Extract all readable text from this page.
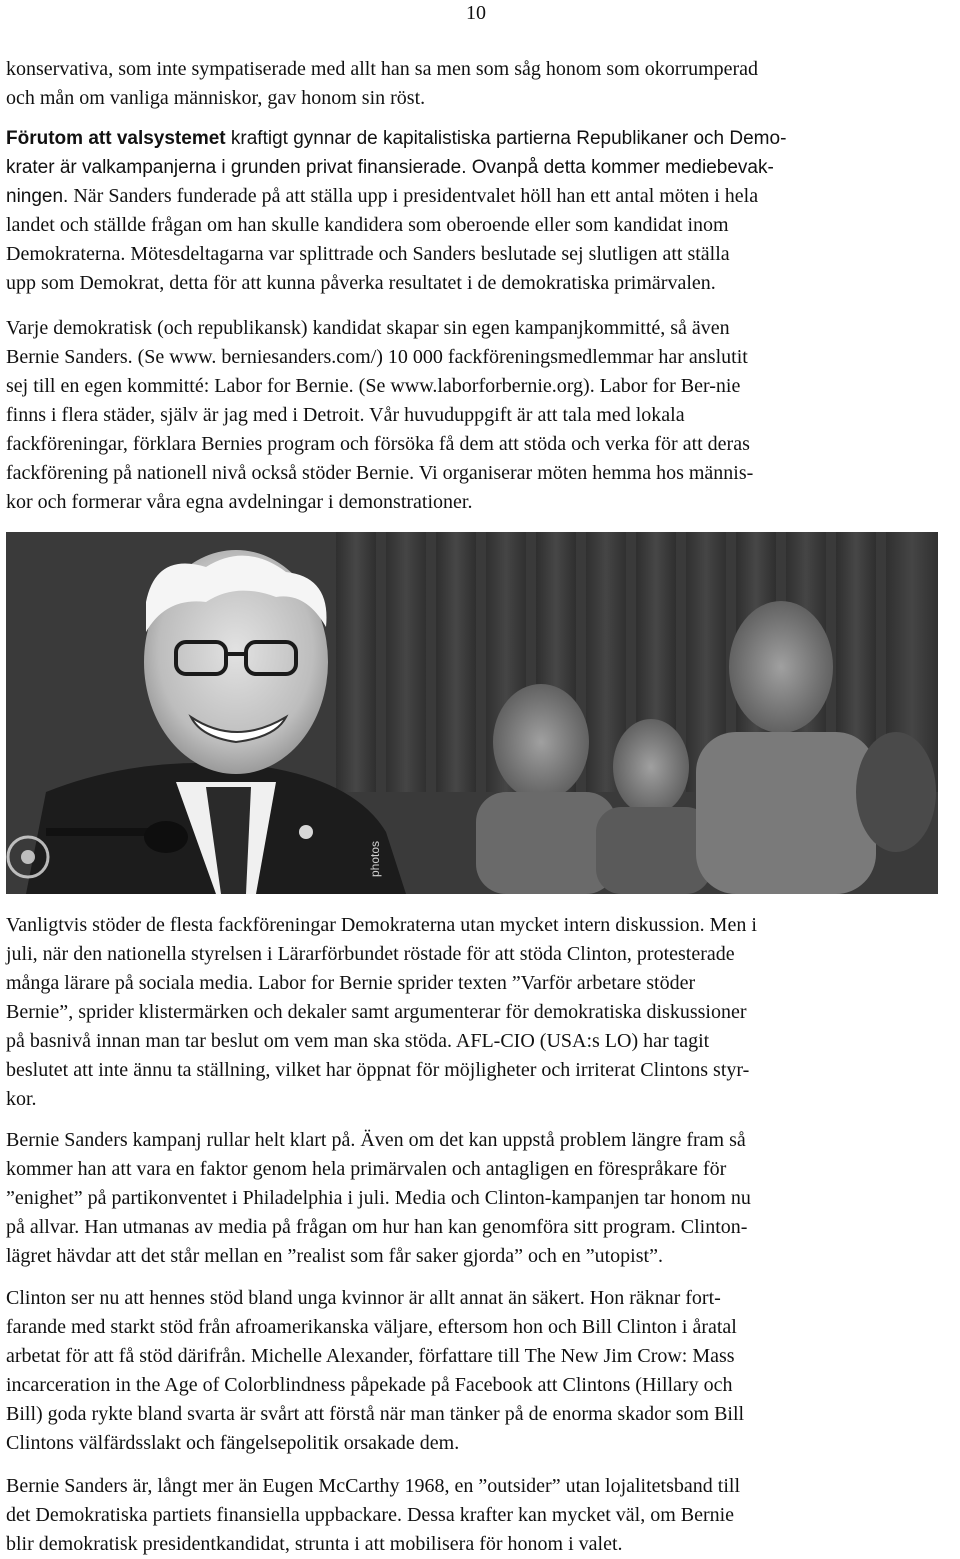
10
konservativa, som inte sympatiserade med allt han sa men som såg honom som okorrumperad
och mån om vanliga människor, gav honom sin röst.
Förutom att valsystemet kraftigt gynnar de kapitalistiska partierna Republikaner och Demo-
krater är valkampanjerna i grunden privat finansierade. Ovanpå detta kommer mediebevak-
ningen. När Sanders funderade på att ställa upp i presidentvalet höll han ett antal möten i hela
landet och ställde frågan om han skulle kandidera som oberoende eller som kandidat inom
Demokraterna. Mötesdeltagarna var splittrade och Sanders beslutade sej slutligen att ställa
upp som Demokrat, detta för att kunna påverka resultatet i de demokratiska primärvalen.
Varje demokratisk (och republikansk) kandidat skapar sin egen kampanjkommitté, så även
Bernie Sanders. (Se www. berniesanders.com/) 10 000 fackföreningsmedlemmar har anslutit
sej till en egen kommitté: Labor for Bernie. (Se www.laborforbernie.org). Labor for Ber-nie
finns i flera städer, själv är jag med i Detroit. Vår huvuduppgift är att tala med lokala
fackföreningar, förklara Bernies program och försöka få dem att stöda och verka för att deras
fackförening på nationell nivå också stöder Bernie. Vi organiserar möten hemma hos männis-
kor och formerar våra egna avdelningar i demonstrationer.
photos
Vanligtvis stöder de flesta fackföreningar Demokraterna utan mycket intern diskussion. Men i
juli, när den nationella styrelsen i Lärarförbundet röstade för att stöda Clinton, protesterade
många lärare på sociala media. Labor for Bernie sprider texten ”Varför arbetare stöder
Bernie”, sprider klistermärken och dekaler samt argumenterar för demokratiska diskussioner
på basnivå innan man tar beslut om vem man ska stöda. AFL-CIO (USA:s LO) har tagit
beslutet att inte ännu ta ställning, vilket har öppnat för möjligheter och irriterat Clintons styr-
kor.
Bernie Sanders kampanj rullar helt klart på. Även om det kan uppstå problem längre fram så
kommer han att vara en faktor genom hela primärvalen och antagligen en förespråkare för
”enighet” på partikonventet i Philadelphia i juli. Media och Clinton-kampanjen tar honom nu
på allvar. Han utmanas av media på frågan om hur han kan genomföra sitt program. Clinton-
lägret hävdar att det står mellan en ”realist som får saker gjorda” och en ”utopist”.
Clinton ser nu att hennes stöd bland unga kvinnor är allt annat än säkert. Hon räknar fort-
farande med starkt stöd från afroamerikanska väljare, eftersom hon och Bill Clinton i åratal
arbetat för att få stöd därifrån. Michelle Alexander, författare till The New Jim Crow: Mass
incarceration in the Age of Colorblindness påpekade på Facebook att Clintons (Hillary och
Bill) goda rykte bland svarta är svårt att förstå när man tänker på de enorma skador som Bill
Clintons välfärdsslakt och fängelsepolitik orsakade dem.
Bernie Sanders är, långt mer än Eugen McCarthy 1968, en ”outsider” utan lojalitetsband till
det Demokratiska partiets finansiella uppbackare. Dessa krafter kan mycket väl, om Bernie
blir demokratisk presidentkandidat, strunta i att mobilisera för honom i valet.
